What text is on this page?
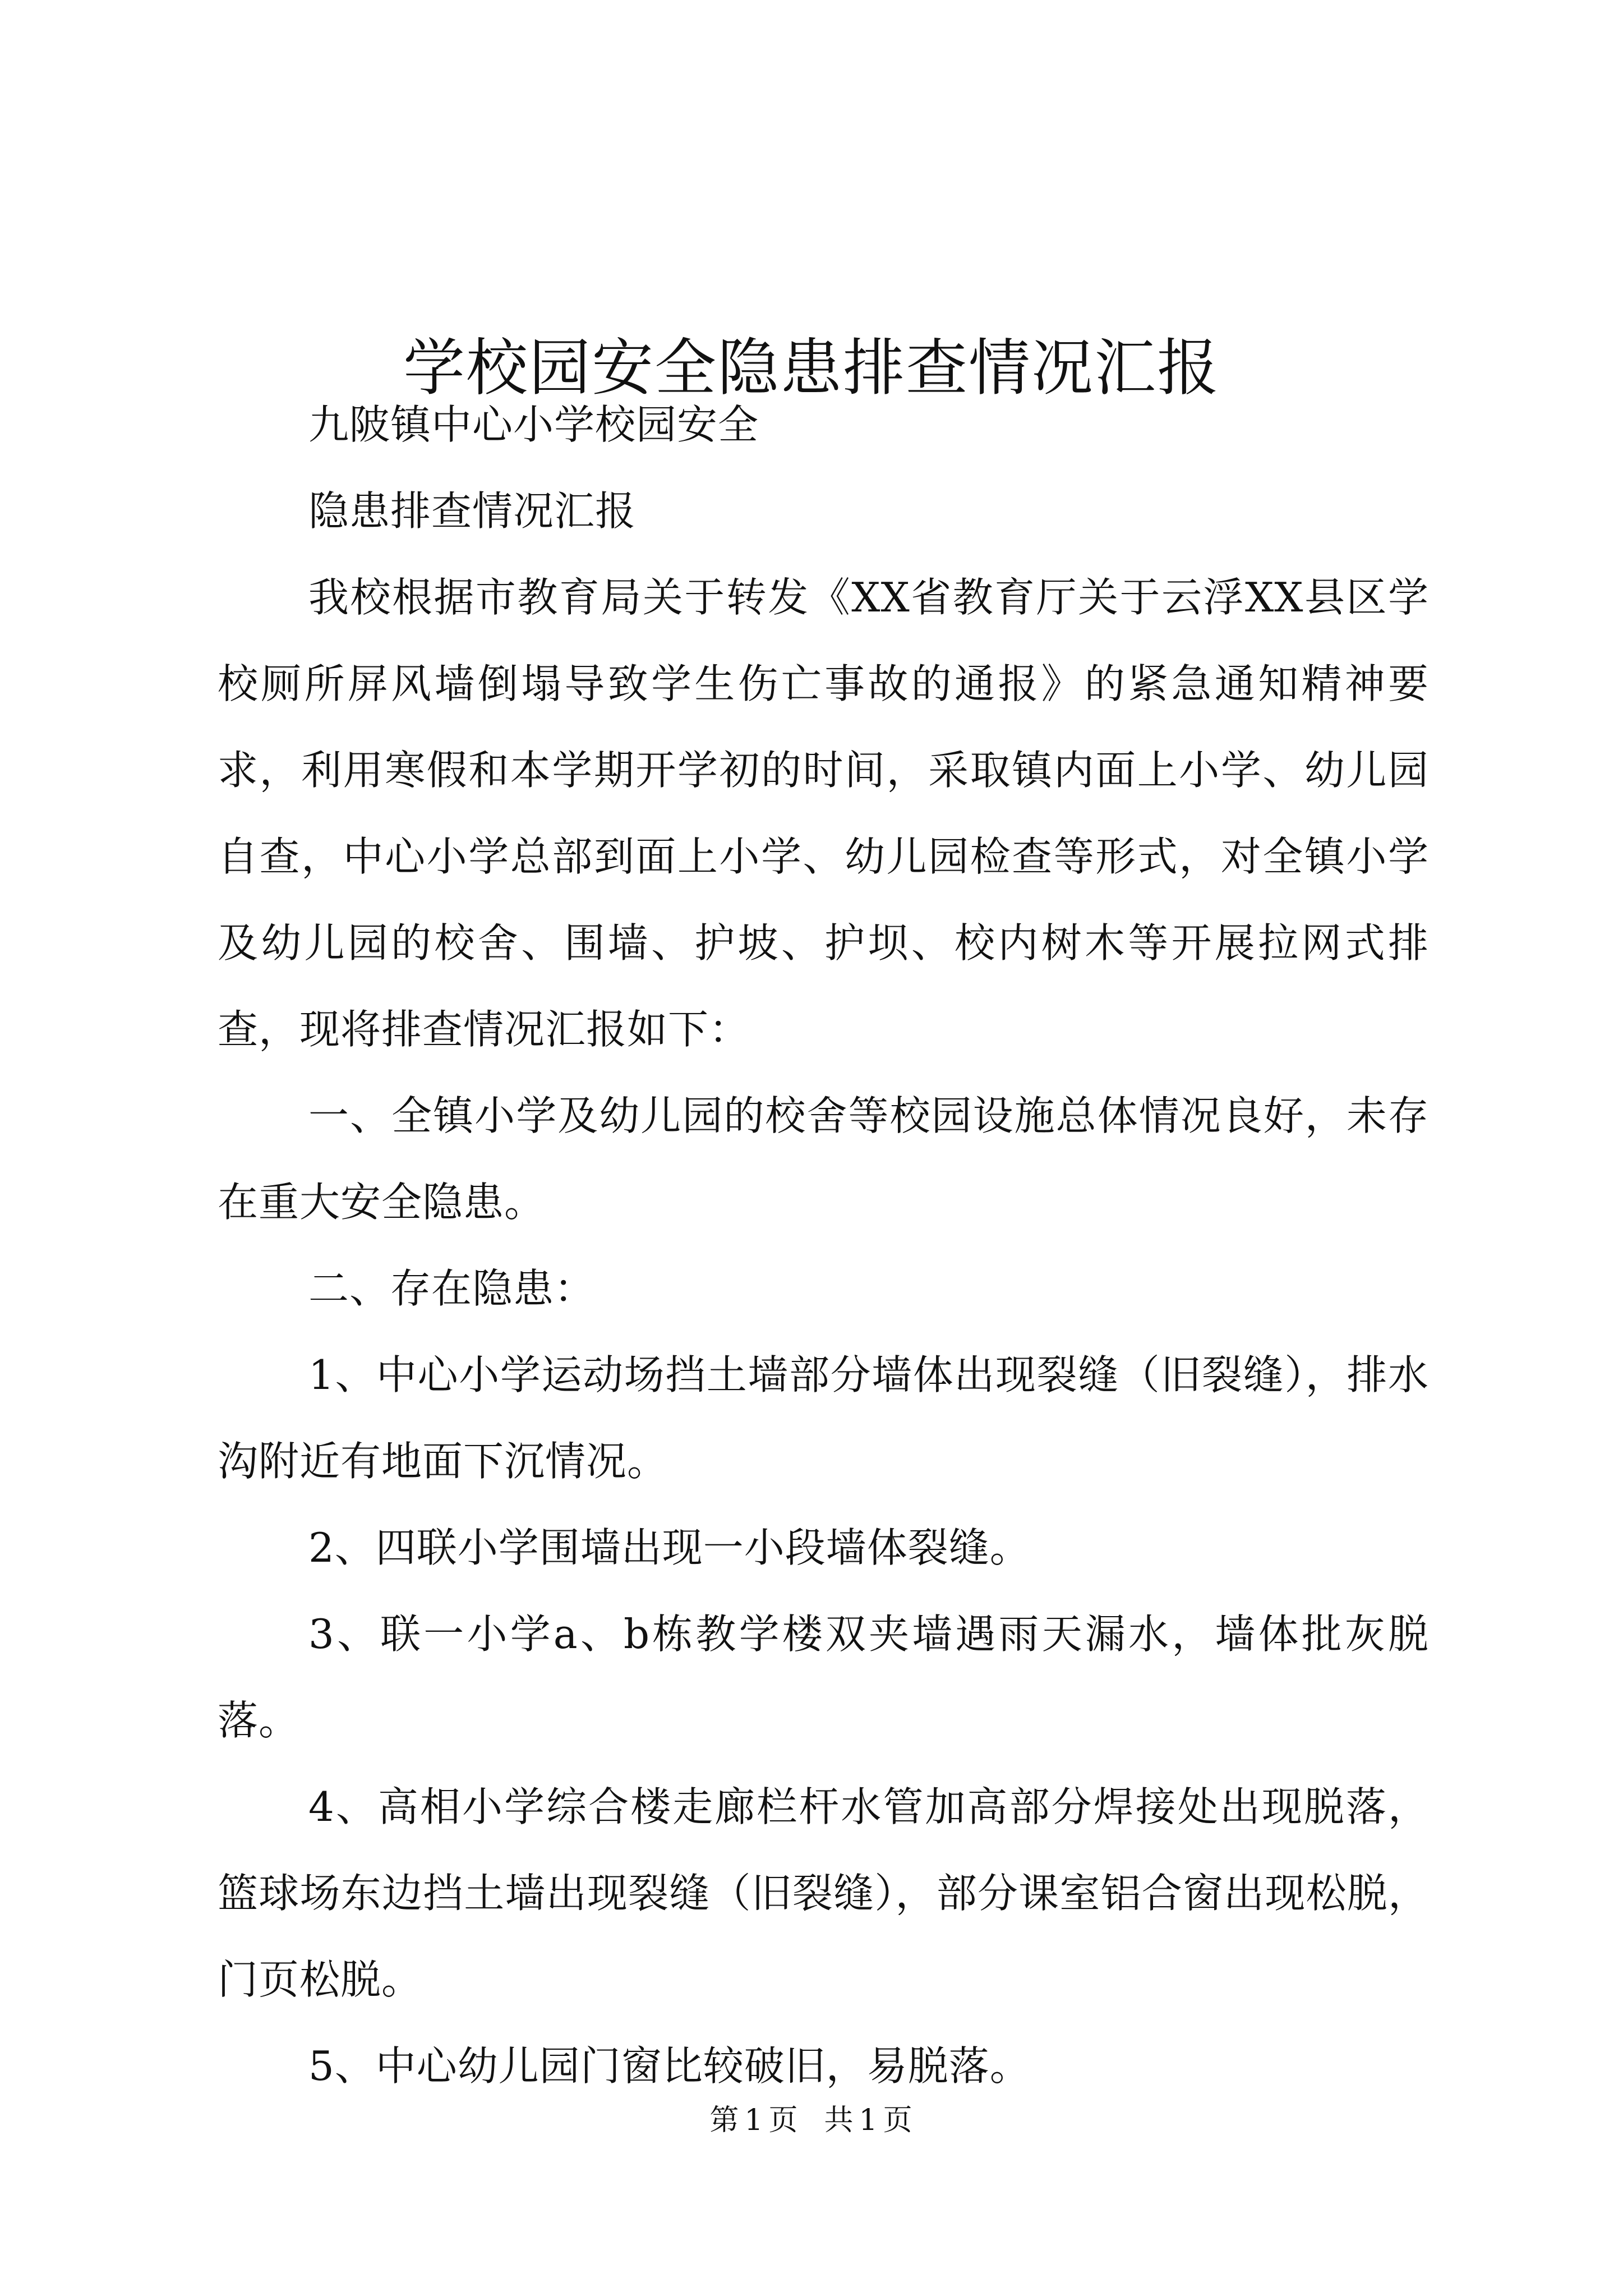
学校园安全隐患排查情况汇报

九陂镇中心小学校园安全

隐患排查情况汇报

我校根据市教育局关于转发《XX省教育厅关于云浮XX县区学校厕所屏风墙倒塌导致学生伤亡事故的通报》的紧急通知精神要求，利用寒假和本学期开学初的时间，采取镇内面上小学、幼儿园自查，中心小学总部到面上小学、幼儿园检查等形式，对全镇小学及幼儿园的校舍、围墙、护坡、护坝、校内树木等开展拉网式排查，现将排查情况汇报如下：

一、全镇小学及幼儿园的校舍等校园设施总体情况良好，未存在重大安全隐患。

二、存在隐患：

1、中心小学运动场挡土墙部分墙体出现裂缝（旧裂缝），排水沟附近有地面下沉情况。

2、四联小学围墙出现一小段墙体裂缝。

3、联一小学a、b栋教学楼双夹墙遇雨天漏水，墙体批灰脱落。

4、高相小学综合楼走廊栏杆水管加高部分焊接处出现脱落，篮球场东边挡土墙出现裂缝（旧裂缝），部分课室铝合窗出现松脱，门页松脱。

5、中心幼儿园门窗比较破旧，易脱落。

第 1 页 共 1 页
